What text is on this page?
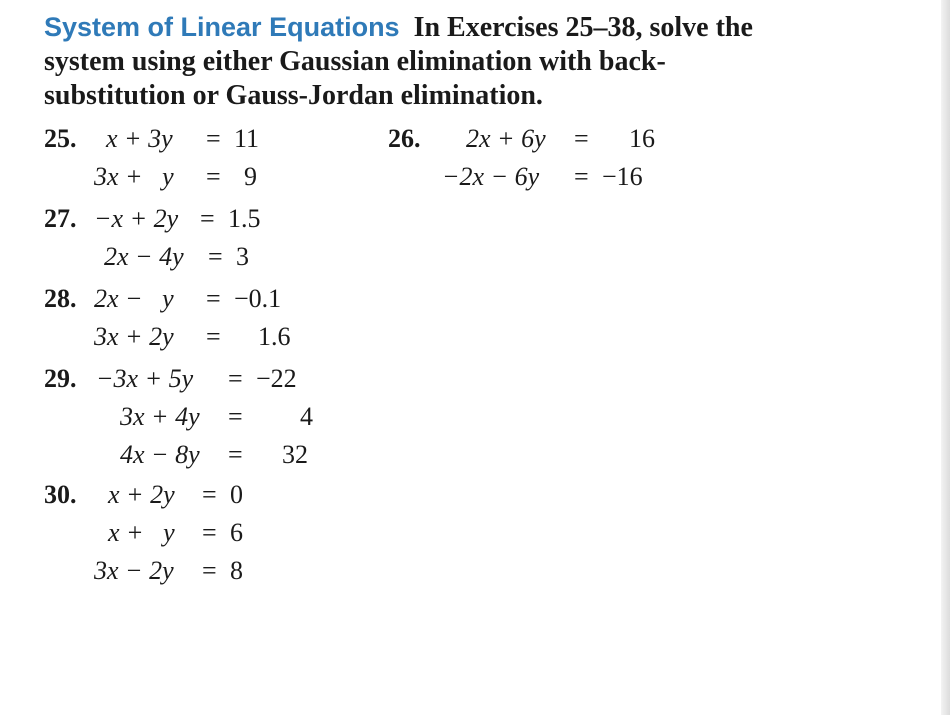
System of Linear Equations In Exercises 25–38, solve the system using either Gaussian elimination with back-substitution or Gauss-Jordan elimination.
25. x + 3y = 11
3x +   y = 9
26. 2x + 6y = 16
−2x − 6y = −16
27. −x + 2y = 1.5
2x − 4y = 3
28. 2x −   y = −0.1
3x + 2y = 1.6
29. −3x + 5y = −22
3x + 4y = 4
4x − 8y = 32
30. x + 2y = 0
x +   y = 6
3x − 2y = 8
